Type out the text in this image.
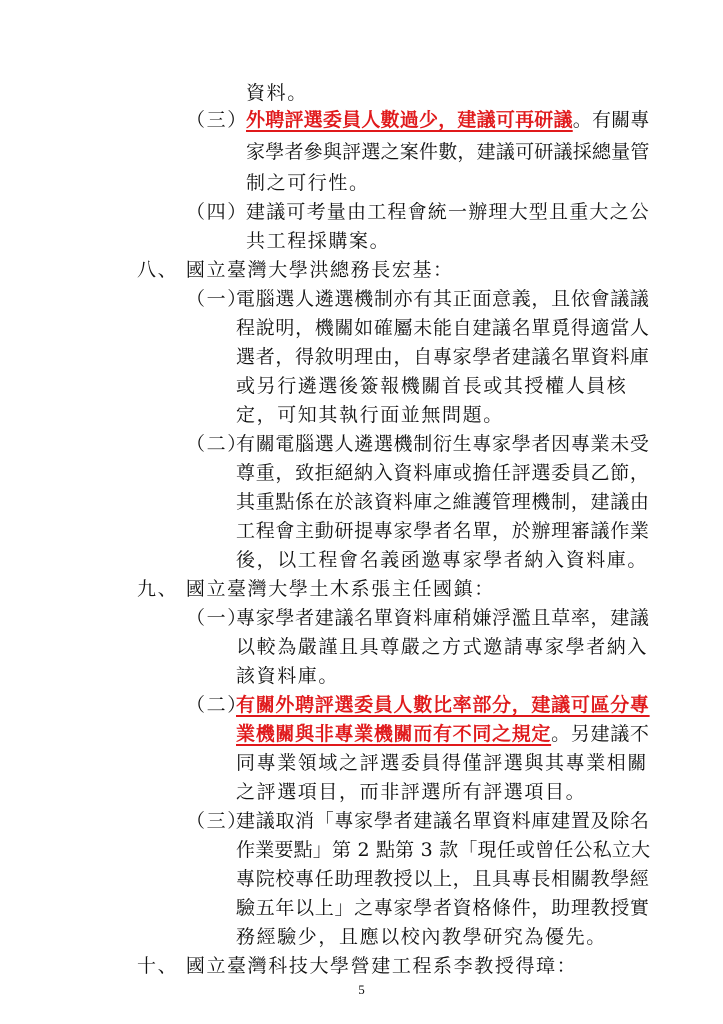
資料。
（三）
外聘評選委員人數過少，建議可再研議。有關專
家學者參與評選之案件數，建議可研議採總量管
制之可行性。
（四）
建議可考量由工程會統一辦理大型且重大之公
共工程採購案。
八、 國立臺灣大學洪總務長宏基：
（一）
電腦選人遴選機制亦有其正面意義，且依會議議
程說明，機關如確屬未能自建議名單覓得適當人
選者，得敘明理由，自專家學者建議名單資料庫
或另行遴選後簽報機關首長或其授權人員核
定，可知其執行面並無問題。
（二）
有關電腦選人遴選機制衍生專家學者因專業未受
尊重，致拒絕納入資料庫或擔任評選委員乙節，
其重點係在於該資料庫之維護管理機制，建議由
工程會主動研提專家學者名單，於辦理審議作業
後，以工程會名義函邀專家學者納入資料庫。
九、 國立臺灣大學土木系張主任國鎮：
（一）
專家學者建議名單資料庫稍嫌浮濫且草率，建議
以較為嚴謹且具尊嚴之方式邀請專家學者納入
該資料庫。
（二）
有關外聘評選委員人數比率部分，建議可區分專
業機關與非專業機關而有不同之規定。另建議不
同專業領域之評選委員得僅評選與其專業相關
之評選項目，而非評選所有評選項目。
（三）
建議取消「專家學者建議名單資料庫建置及除名
作業要點」第 2 點第 3 款「現任或曾任公私立大
專院校專任助理教授以上，且具專長相關教學經
驗五年以上」之專家學者資格條件，助理教授實
務經驗少，且應以校內教學研究為優先。
十、 國立臺灣科技大學營建工程系李教授得璋：
5
